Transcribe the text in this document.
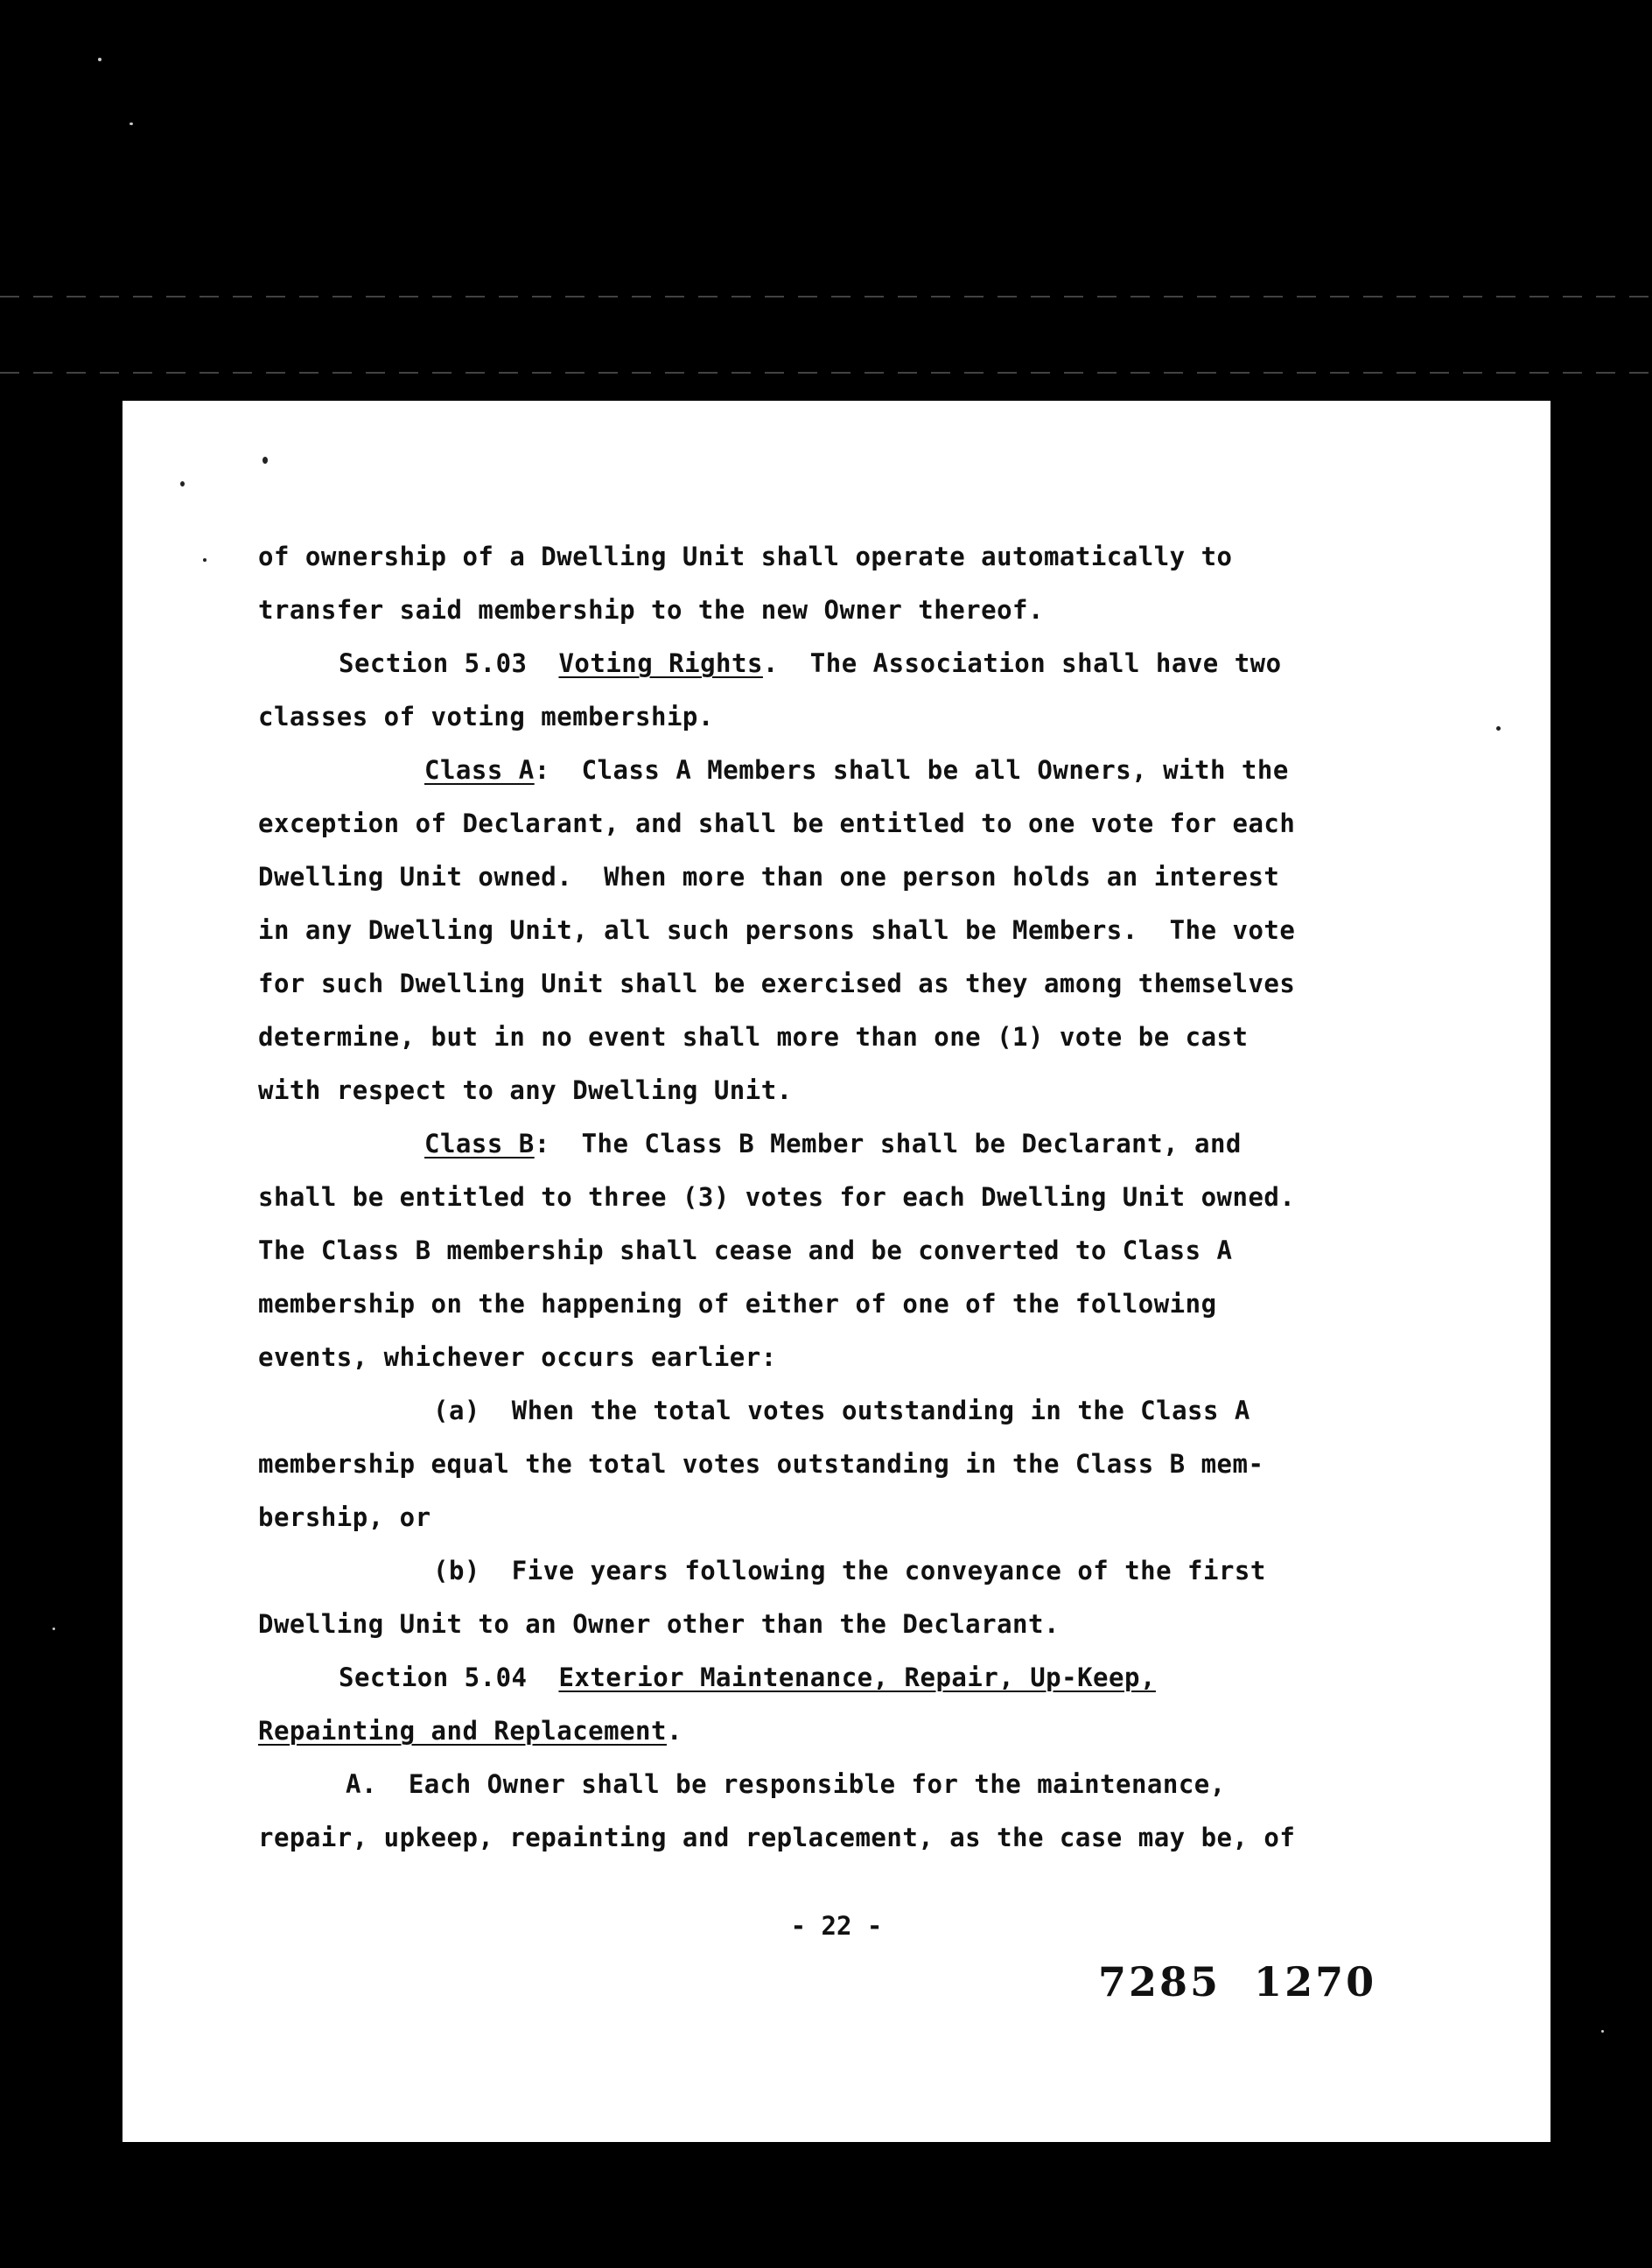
of ownership of a Dwelling Unit shall operate automatically to
transfer said membership to the new Owner thereof.
Section 5.03  Voting Rights.  The Association shall have two
classes of voting membership.
Class A:  Class A Members shall be all Owners, with the
exception of Declarant, and shall be entitled to one vote for each
Dwelling Unit owned.  When more than one person holds an interest
in any Dwelling Unit, all such persons shall be Members.  The vote
for such Dwelling Unit shall be exercised as they among themselves
determine, but in no event shall more than one (1) vote be cast
with respect to any Dwelling Unit.
Class B:  The Class B Member shall be Declarant, and
shall be entitled to three (3) votes for each Dwelling Unit owned.
The Class B membership shall cease and be converted to Class A
membership on the happening of either of one of the following
events, whichever occurs earlier:
(a)  When the total votes outstanding in the Class A
membership equal the total votes outstanding in the Class B mem-
bership, or
(b)  Five years following the conveyance of the first
Dwelling Unit to an Owner other than the Declarant.
Section 5.04  Exterior Maintenance, Repair, Up-Keep,
Repainting and Replacement.
A.  Each Owner shall be responsible for the maintenance,
repair, upkeep, repainting and replacement, as the case may be, of
- 22 -
7285  1270
